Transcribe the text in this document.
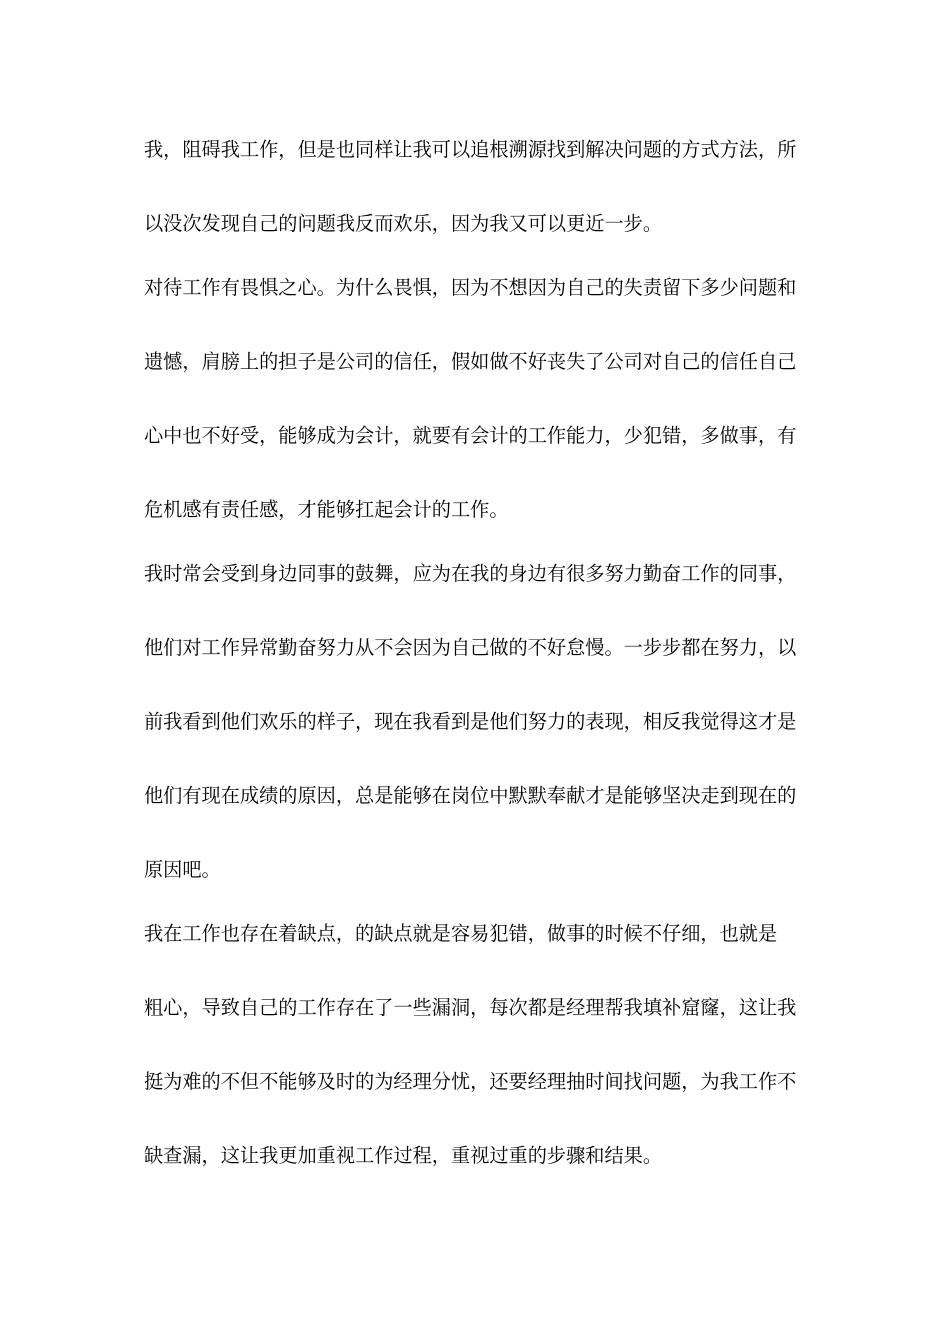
我，阻碍我工作，但是也同样让我可以追根溯源找到解决问题的方式方法，所
以没次发现自己的问题我反而欢乐，因为我又可以更近一步。
对待工作有畏惧之心。为什么畏惧，因为不想因为自己的失责留下多少问题和
遗憾，肩膀上的担子是公司的信任，假如做不好丧失了公司对自己的信任自己
心中也不好受，能够成为会计，就要有会计的工作能力，少犯错，多做事，有
危机感有责任感，才能够扛起会计的工作。
我时常会受到身边同事的鼓舞，应为在我的身边有很多努力勤奋工作的同事，
他们对工作异常勤奋努力从不会因为自己做的不好怠慢。一步步都在努力，以
前我看到他们欢乐的样子，现在我看到是他们努力的表现，相反我觉得这才是
他们有现在成绩的原因，总是能够在岗位中默默奉献才是能够坚决走到现在的
原因吧。
我在工作也存在着缺点，的缺点就是容易犯错，做事的时候不仔细，也就是
粗心，导致自己的工作存在了一些漏洞，每次都是经理帮我填补窟窿，这让我
挺为难的不但不能够及时的为经理分忧，还要经理抽时间找问题，为我工作不
缺查漏，这让我更加重视工作过程，重视过重的步骤和结果。
